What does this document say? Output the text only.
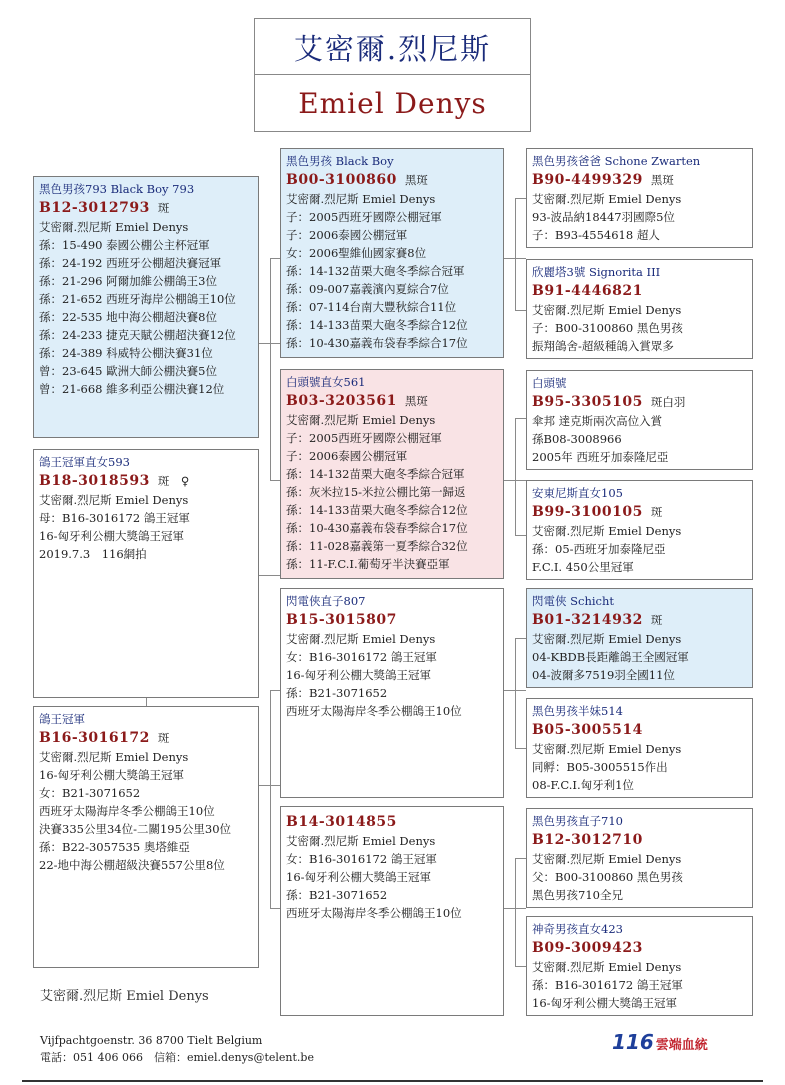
艾密爾.烈尼斯
Emiel Denys
黑色男孩793 Black Boy 793
B12-3012793 斑
艾密爾.烈尼斯 Emiel Denys
孫：15-490 泰國公棚公主杯冠軍
孫：24-192 西班牙公棚超決賽冠軍
孫：21-296 阿爾加維公棚鴿王3位
孫：21-652 西班牙海岸公棚鴿王10位
孫：22-535 地中海公棚超決賽8位
孫：24-233 捷克天賦公棚超決賽12位
孫：24-389 科威特公棚決賽31位
曾：23-645 歐洲大師公棚決賽5位
曾：21-668 維多利亞公棚決賽12位
鴿王冠軍直女593
B18-3018593 斑　♀
艾密爾.烈尼斯 Emiel Denys
母：B16-3016172 鴿王冠軍
16-匈牙利公棚大獎鴿王冠軍
2019.7.3　116網拍
鴿王冠軍
B16-3016172 斑
艾密爾.烈尼斯 Emiel Denys
16-匈牙利公棚大獎鴿王冠軍
女：B21-3071652
西班牙太陽海岸冬季公棚鴿王10位
決賽335公里34位-二關195公里30位
孫：B22-3057535 奧塔維亞
22-地中海公棚超級決賽557公里8位
黑色男孩 Black Boy
B00-3100860 黑斑
艾密爾.烈尼斯 Emiel Denys
子：2005西班牙國際公棚冠軍
子：2006泰國公棚冠軍
女：2006聖維仙國家賽8位
孫：14-132苗栗大砲冬季綜合冠軍
孫：09-007嘉義濱內夏綜合7位
孫：07-114台南大豐秋綜合11位
孫：14-133苗栗大砲冬季綜合12位
孫：10-430嘉義布袋春季綜合17位
白頭號直女561
B03-3203561 黑斑
艾密爾.烈尼斯 Emiel Denys
子：2005西班牙國際公棚冠軍
子：2006泰國公棚冠軍
孫：14-132苗栗大砲冬季綜合冠軍
孫：灰米拉15-米拉公棚比第一歸返
孫：14-133苗栗大砲冬季綜合12位
孫：10-430嘉義布袋春季綜合17位
孫：11-028嘉義第一夏季綜合32位
孫：11-F.C.I.葡萄牙半決賽亞軍
閃電俠直子807
B15-3015807
艾密爾.烈尼斯 Emiel Denys
女：B16-3016172 鴿王冠軍
16-匈牙利公棚大獎鴿王冠軍
孫：B21-3071652
西班牙太陽海岸冬季公棚鴿王10位
B14-3014855
艾密爾.烈尼斯 Emiel Denys
女：B16-3016172 鴿王冠軍
16-匈牙利公棚大獎鴿王冠軍
孫：B21-3071652
西班牙太陽海岸冬季公棚鴿王10位
黑色男孩爸爸 Schone Zwarten
B90-4499329 黑斑
艾密爾.烈尼斯 Emiel Denys
93-波品納18447羽國際5位
子：B93-4554618 超人
欣麗塔3號 Signorita III
B91-4446821
艾密爾.烈尼斯 Emiel Denys
子：B00-3100860 黑色男孩
振翔鴿舍-超級種鴿入賞眾多
白頭號
B95-3305105 斑白羽
傘邦 達克斯兩次高位入賞
孫B08-3008966
2005年 西班牙加泰隆尼亞
安東尼斯直女105
B99-3100105 斑
艾密爾.烈尼斯 Emiel Denys
孫：05-西班牙加泰隆尼亞
F.C.I. 450公里冠軍
閃電俠 Schicht
B01-3214932 斑
艾密爾.烈尼斯 Emiel Denys
04-KBDB長距離鴿王全國冠軍
04-波爾多7519羽全國11位
黑色男孩半妹514
B05-3005514
艾密爾.烈尼斯 Emiel Denys
同孵：B05-3005515作出
08-F.C.I.匈牙利1位
黑色男孩直子710
B12-3012710
艾密爾.烈尼斯 Emiel Denys
父：B00-3100860 黑色男孩
黑色男孩710全兄
神奇男孩直女423
B09-3009423
艾密爾.烈尼斯 Emiel Denys
孫：B16-3016172 鴿王冠軍
16-匈牙利公棚大獎鴿王冠軍
艾密爾.烈尼斯 Emiel Denys
Vijfpachtgoenstr. 36 8700 Tielt Belgium
電話：051 406 066　信箱：emiel.denys@telent.be
116 雲端血統
